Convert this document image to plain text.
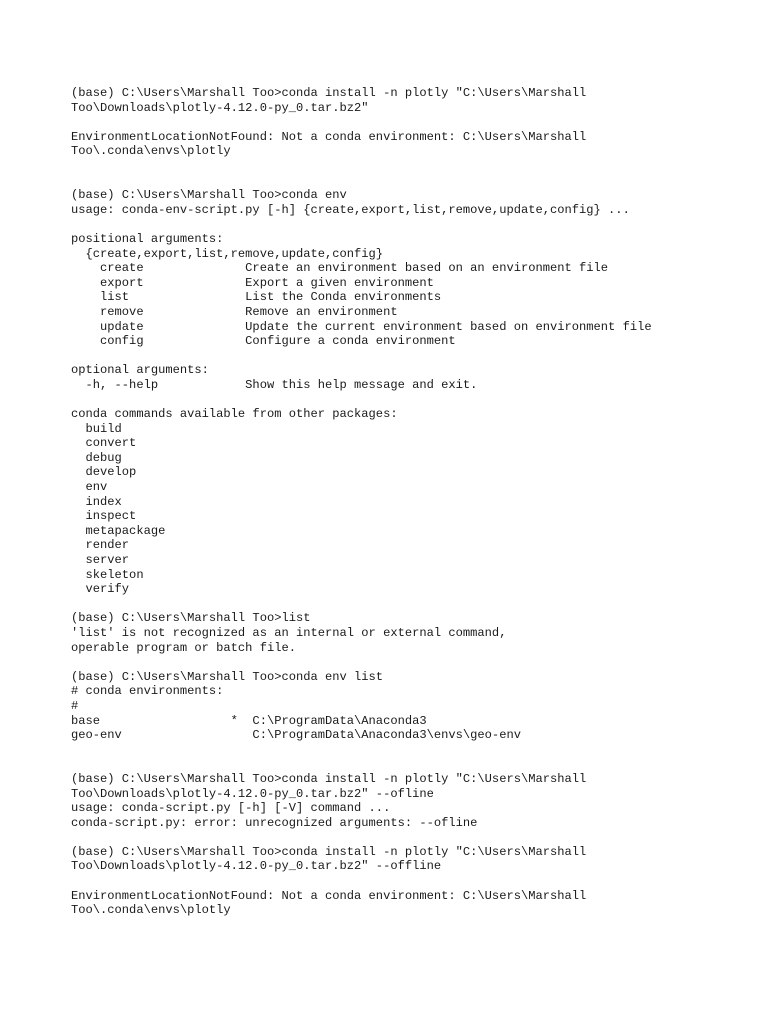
(base) C:\Users\Marshall Too>conda install -n plotly "C:\Users\Marshall
Too\Downloads\plotly-4.12.0-py_0.tar.bz2"
EnvironmentLocationNotFound: Not a conda environment: C:\Users\Marshall
Too\.conda\envs\plotly
(base) C:\Users\Marshall Too>conda env
usage: conda-env-script.py [-h] {create,export,list,remove,update,config} ...
positional arguments:
{create,export,list,remove,update,config}
create              Create an environment based on an environment file
export              Export a given environment
list                List the Conda environments
remove              Remove an environment
update              Update the current environment based on environment file
config              Configure a conda environment
optional arguments:
-h, --help            Show this help message and exit.
conda commands available from other packages:
build
convert
debug
develop
env
index
inspect
metapackage
render
server
skeleton
verify
(base) C:\Users\Marshall Too>list
'list' is not recognized as an internal or external command,
operable program or batch file.
(base) C:\Users\Marshall Too>conda env list
# conda environments:
#
base                  *  C:\ProgramData\Anaconda3
geo-env                  C:\ProgramData\Anaconda3\envs\geo-env
(base) C:\Users\Marshall Too>conda install -n plotly "C:\Users\Marshall
Too\Downloads\plotly-4.12.0-py_0.tar.bz2" --ofline
usage: conda-script.py [-h] [-V] command ...
conda-script.py: error: unrecognized arguments: --ofline
(base) C:\Users\Marshall Too>conda install -n plotly "C:\Users\Marshall
Too\Downloads\plotly-4.12.0-py_0.tar.bz2" --offline
EnvironmentLocationNotFound: Not a conda environment: C:\Users\Marshall
Too\.conda\envs\plotly
